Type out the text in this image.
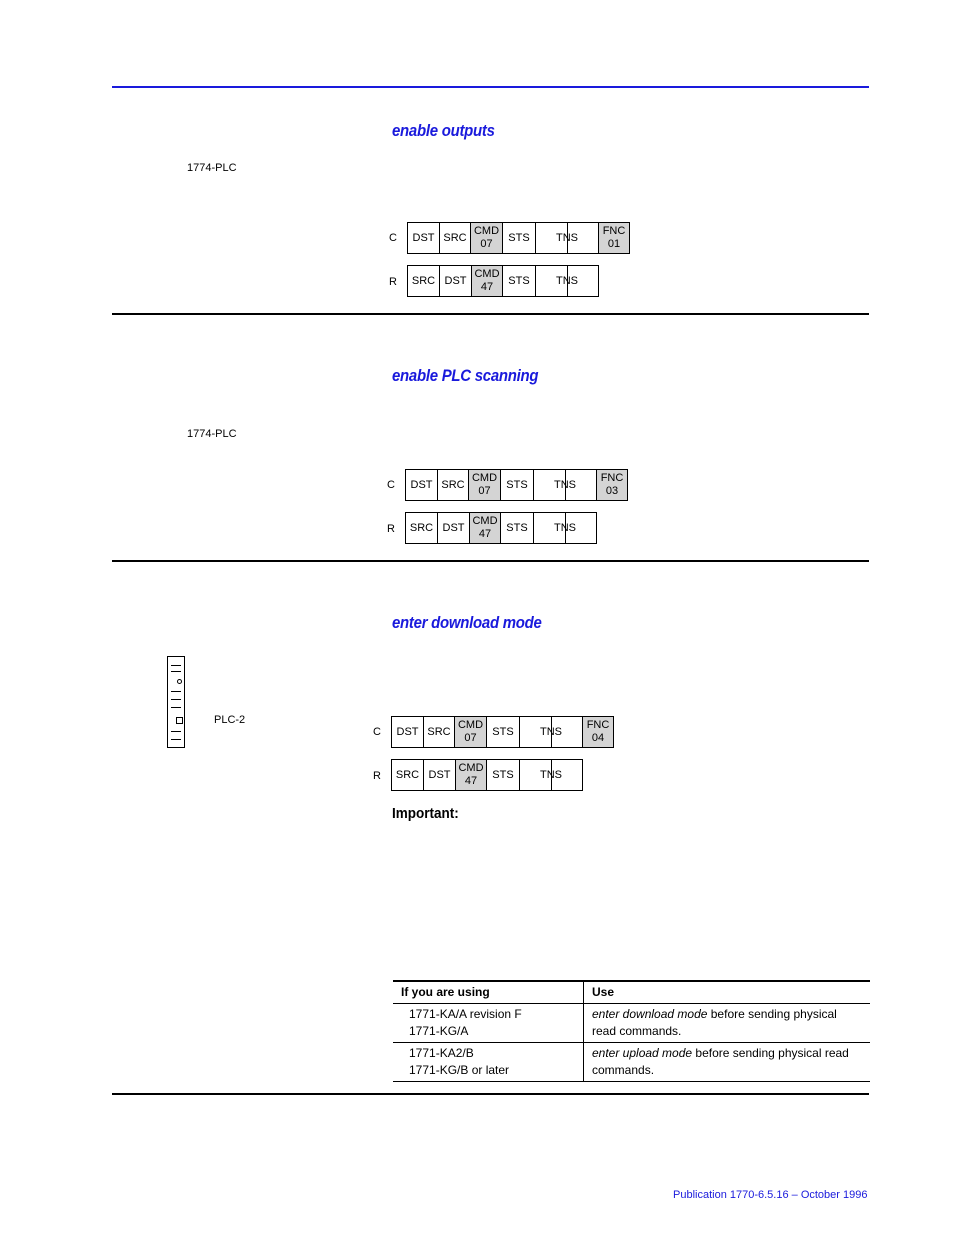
enable outputs
1774-PLC
C DST SRC
CMD
07
STS TNS
FNC
01
R SRC DST
CMD
47
STS TNS
enable PLC scanning
1774-PLC
C DST SRC
CMD
07
STS TNS
FNC
03
R SRC DST
CMD
47
STS TNS
enter download mode
PLC-2
C DST SRC
CMD
07
STS TNS
FNC
04
R SRC DST
CMD
47
STS TNS
Important:
If you are using	Use

1771-KA/A revision F
1771-KG/A	enter download mode before sending physical read commands.

1771-KA2/B
1771-KG/B or later	enter upload mode before sending physical read commands.
Publication 1770-6.5.16 – October 1996
